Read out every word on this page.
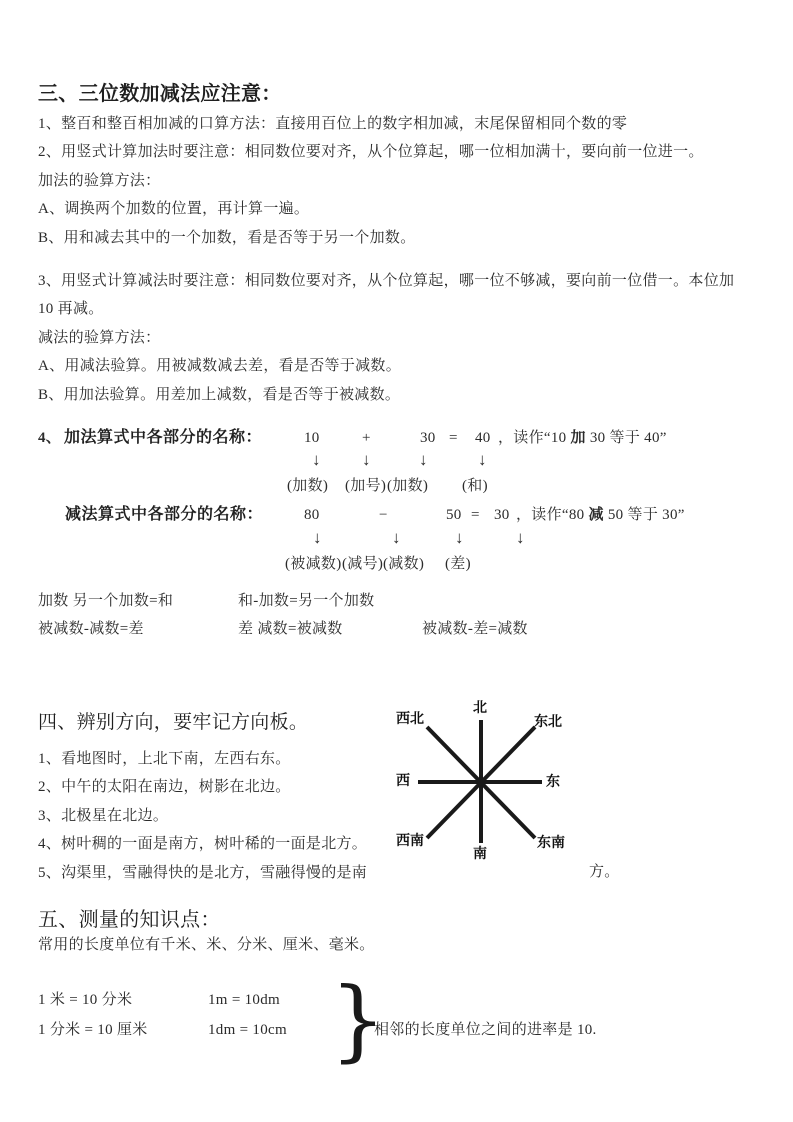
三、三位数加减法应注意：
1、整百和整百相加减的口算方法：直接用百位上的数字相加减，末尾保留相同个数的零
2、用竖式计算加法时要注意：相同数位要对齐，从个位算起，哪一位相加满十，要向前一位进一。
加法的验算方法：
A、调换两个加数的位置，再计算一遍。
B、用和减去其中的一个加数，看是否等于另一个加数。
3、用竖式计算减法时要注意：相同数位要对齐，从个位算起，哪一位不够减，要向前一位借一。本位加
10 再减。
减法的验算方法：
A、用减法验算。用被减数减去差，看是否等于减数。
B、用加法验算。用差加上减数，看是否等于被减数。
4、 加法算式中各部分的名称：	10	+	30 = 40 ，读作“10 加 30 等于 40”
↓ ↓	↓	↓
(加数) (加号) (加数) (和)
减法算式中各部分的名称：	80	−	50 = 30 ，读作“80 减 50 等于 30”
↓	↓	↓	↓
(被减数) (减号) (减数) (差)
加数 另一个加数=和	和-加数=另一个加数
被减数-减数=差	差 减数=被减数	被减数-差=减数
四、辨别方向，要牢记方向板。
1、看地图时，上北下南，左西右东。
2、中午的太阳在南边，树影在北边。
3、北极星在北边。
4、树叶稠的一面是南方，树叶稀的一面是北方。
5、沟渠里，雪融得快的是北方，雪融得慢的是南	方。
北
西北	东北
西	东
西南	东南
南
五、测量的知识点：
常用的长度单位有千米、米、分米、厘米、毫米。
1 米 = 10 分米	1m = 10dm
1 分米 = 10 厘米	1dm = 10cm }
相邻的长度单位之间的进率是 10.
